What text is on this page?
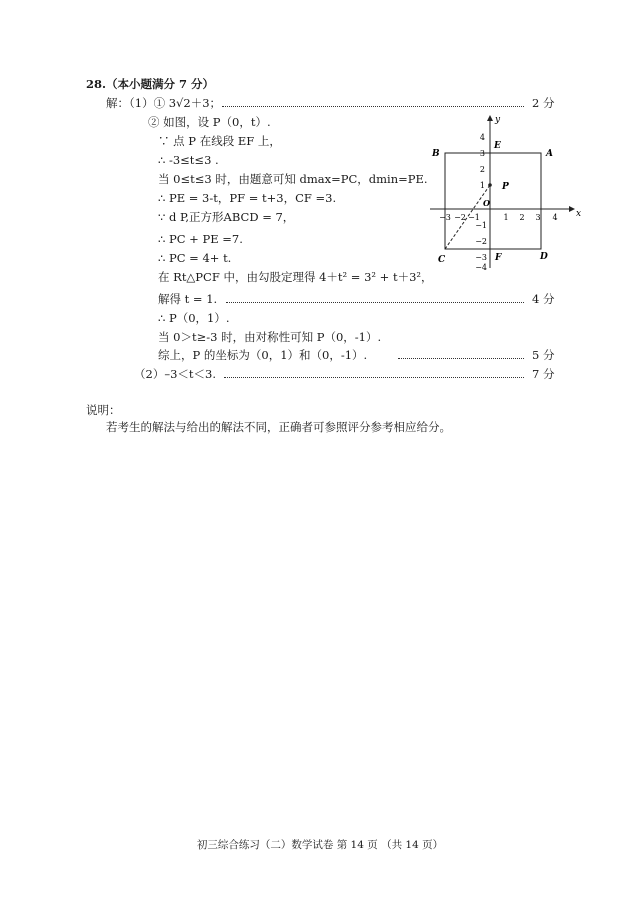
28.（本小题满分 7 分）
解：（1）① 3√2＋3；	2 分
② 如图，设 P（0，t）.
∵ 点 P 在线段 EF 上，
∴ -3≤t≤3 .
当 0≤t≤3 时，由题意可知 dmax=PC，dmin=PE.
∴ PE = 3-t，PF = t+3，CF =3.
∵ d P,正方形ABCD = 7，
∴ PC + PE =7.
∴ PC = 4+ t.
在 Rt△PCF 中，由勾股定理得 4＋t² = 3² + t＋3²，
解得 t = 1.	4 分
∴ P（0，1）.
当 0＞t≥-3 时，由对称性可知 P（0，-1）.
综上，P 的坐标为（0，1）和（0，-1）.	5 分
（2）–3＜t＜3.	7 分
说明：
若考生的解法与给出的解法不同，正确者可参照评分参考相应给分。
−3 −2 −1	1 2 3 4
4
3
2
1
−1
−2
−3
−4
x
y
O
A
B
C	D
E
F
P
初三综合练习（二）数学试卷 第 14 页 （共 14 页）
